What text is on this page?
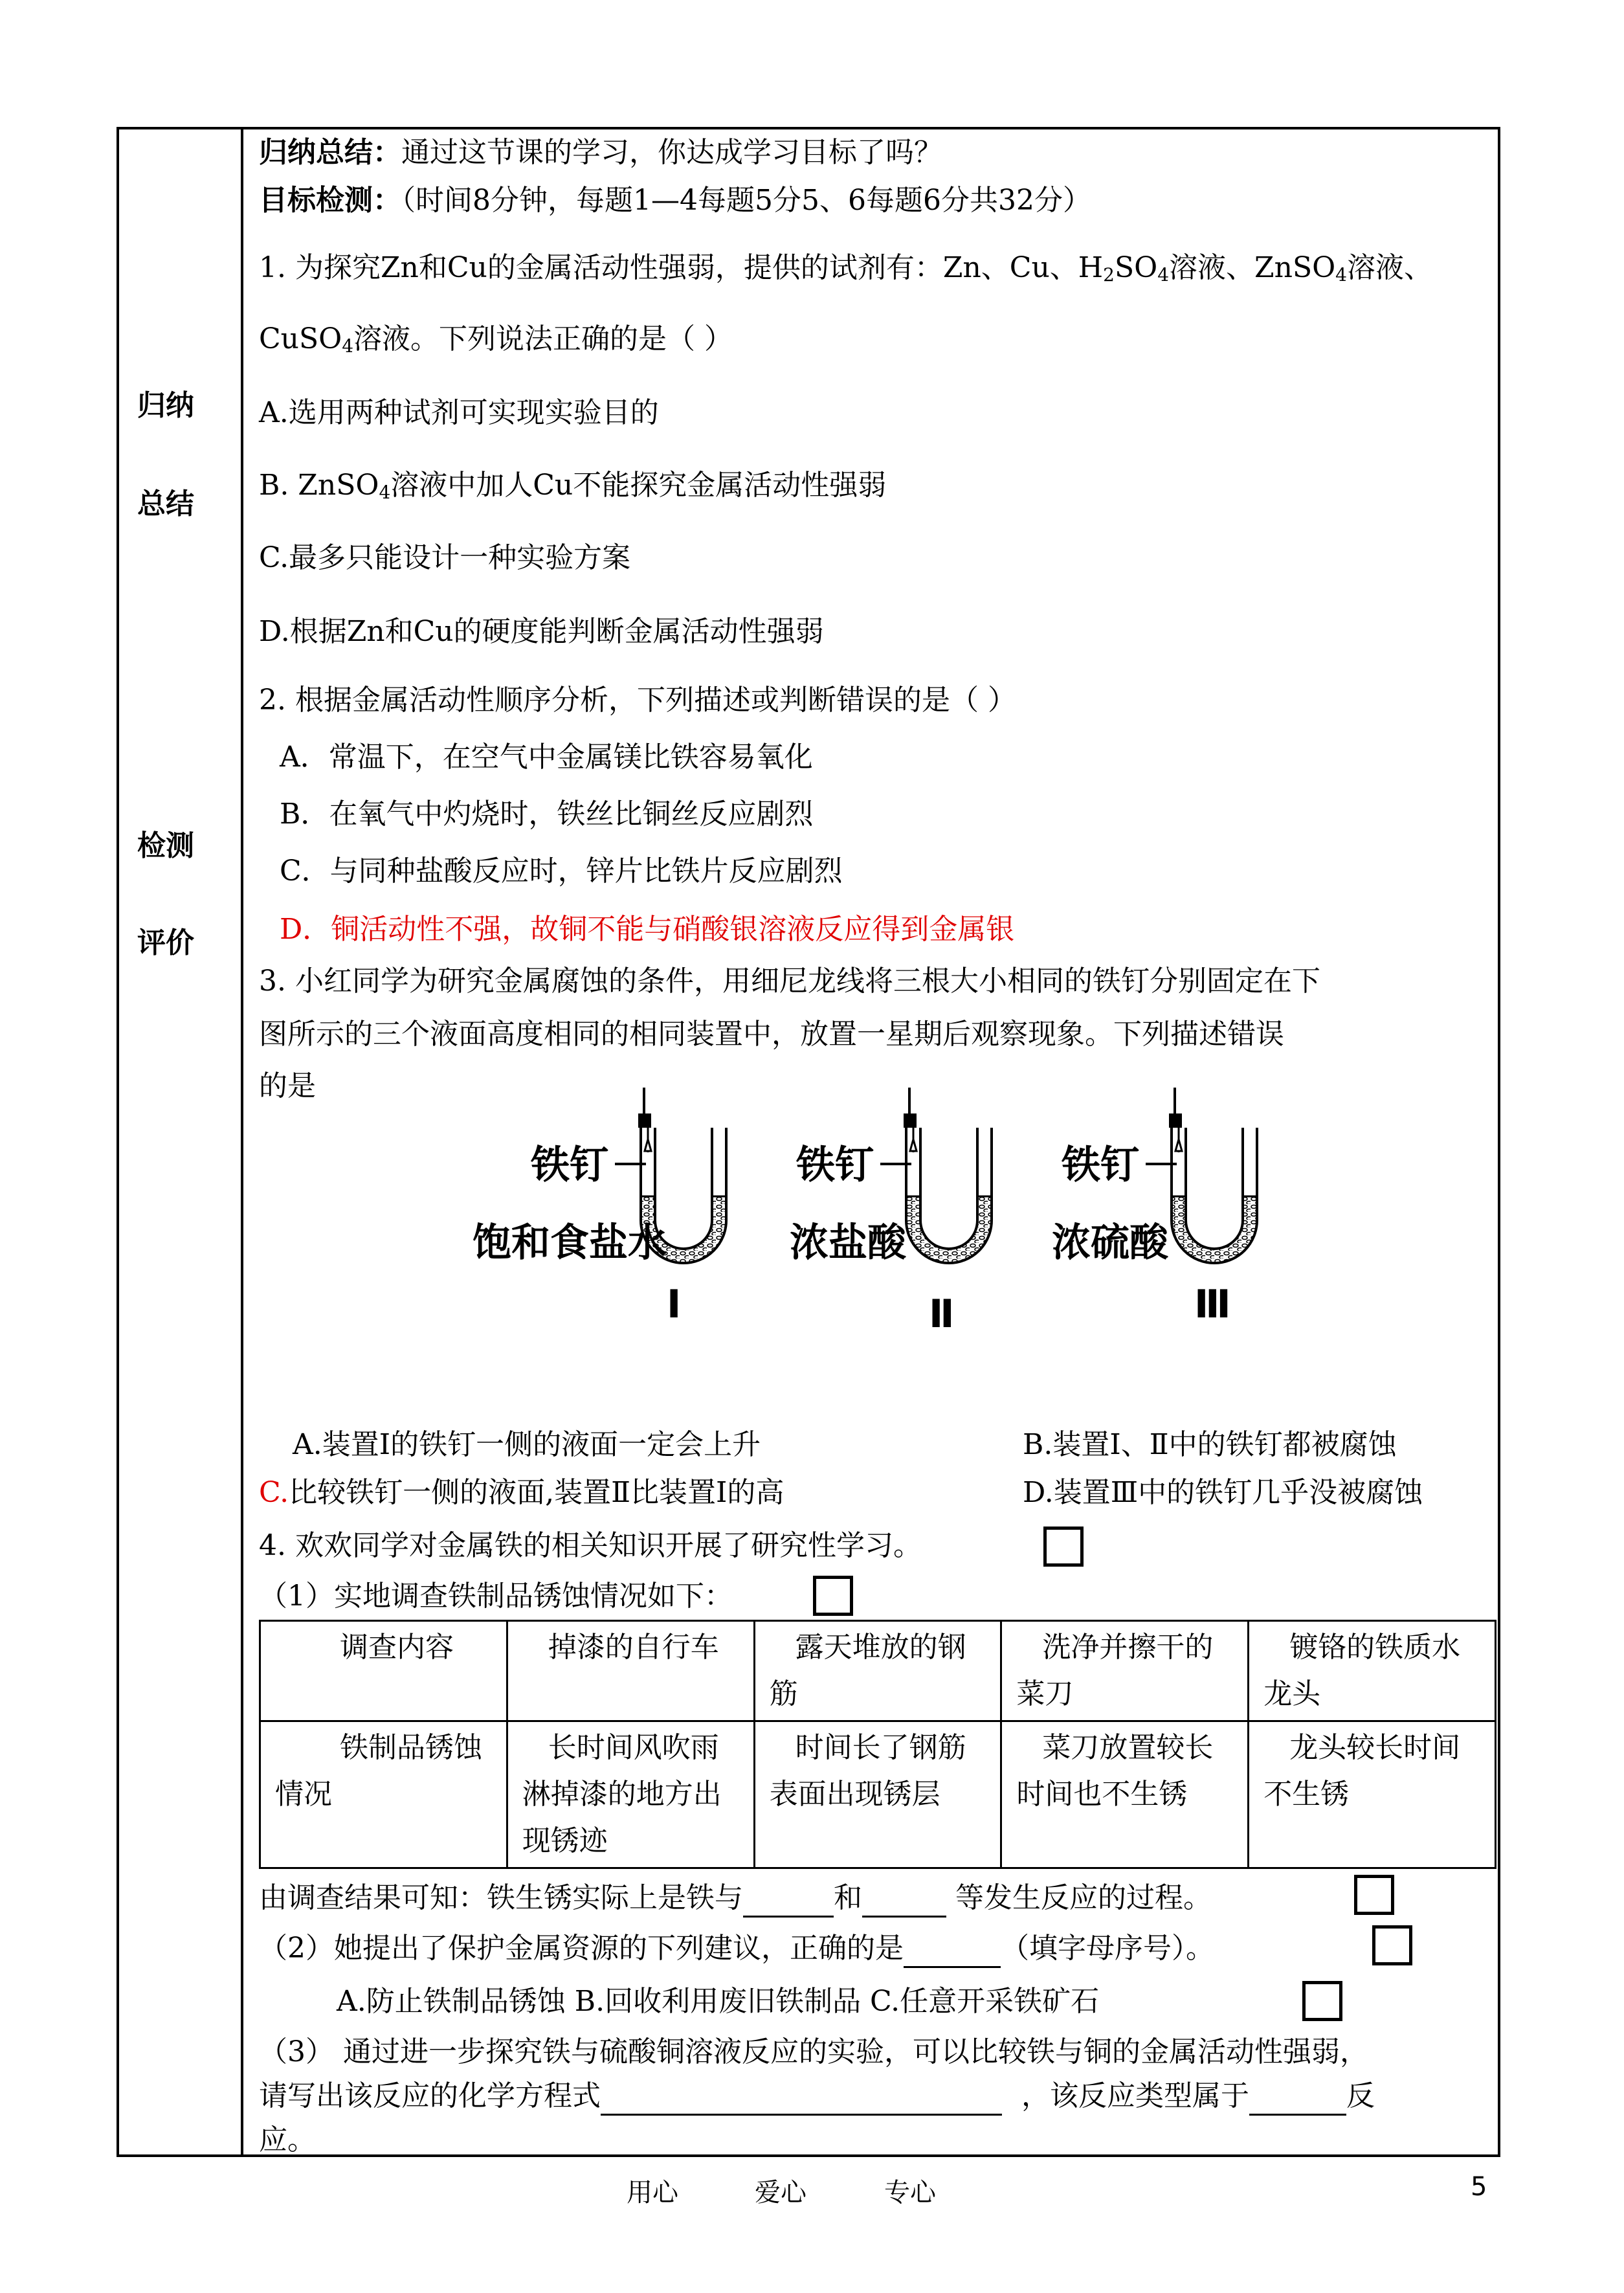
归纳
总结
检测
评价
归纳总结：通过这节课的学习，你达成学习目标了吗？
目标检测：（时间8分钟，每题1—4每题5分5、6每题6分共32分）
1. 为探究Zn和Cu的金属活动性强弱，提供的试剂有：Zn、Cu、$H_2SO_4$溶液、ZnSO$_4$溶液、
CuSO$_4$溶液。下列说法正确的是（ ）
A.选用两种试剂可实现实验目的
B. ZnSO$_4$溶液中加人Cu不能探究金属活动性强弱
C.最多只能设计一种实验方案
D.根据Zn和Cu的硬度能判断金属活动性强弱
2. 根据金属活动性顺序分析，下列描述或判断错误的是（ ）
A．常温下，在空气中金属镁比铁容易氧化
B．在氧气中灼烧时，铁丝比铜丝反应剧烈
C．与同种盐酸反应时，锌片比铁片反应剧烈
D．铜活动性不强，故铜不能与硝酸银溶液反应得到金属银
3. 小红同学为研究金属腐蚀的条件，用细尼龙线将三根大小相同的铁钉分别固定在下
图所示的三个液面高度相同的相同装置中，放置一星期后观察现象。下列描述错误
的是
铁钉
饱和食盐水
Ⅰ
铁钉
浓盐酸
Ⅱ
铁钉
浓硫酸
Ⅲ
A.装置Ⅰ的铁钉一侧的液面一定会上升	B.装置Ⅰ、Ⅱ中的铁钉都被腐蚀
C.比较铁钉一侧的液面,装置Ⅱ比装置Ⅰ的高	D.装置Ⅲ中的铁钉几乎没被腐蚀
4. 欢欢同学对金属铁的相关知识开展了研究性学习。
（1）实地调查铁制品锈蚀情况如下：
调查内容	掉漆的自行车	露天堆放的钢筋	洗净并擦干的菜刀	镀铬的铁质水龙头
铁制品锈蚀情况	长时间风吹雨淋掉漆的地方出现锈迹	时间长了钢筋表面出现锈层	菜刀放置较长时间也不生锈	龙头较长时间不生锈
由调查结果可知：铁生锈实际上是铁与	和	等发生反应的过程。
（2）她提出了保护金属资源的下列建议，正确的是	（填字母序号）。
A.防止铁制品锈蚀 B.回收利用废旧铁制品 C.任意开采铁矿石
（3） 通过进一步探究铁与硫酸铜溶液反应的实验，可以比较铁与铜的金属活动性强弱，
请写出该反应的化学方程式	，该反应类型属于	反
应。
用心	爱心	专心	5
